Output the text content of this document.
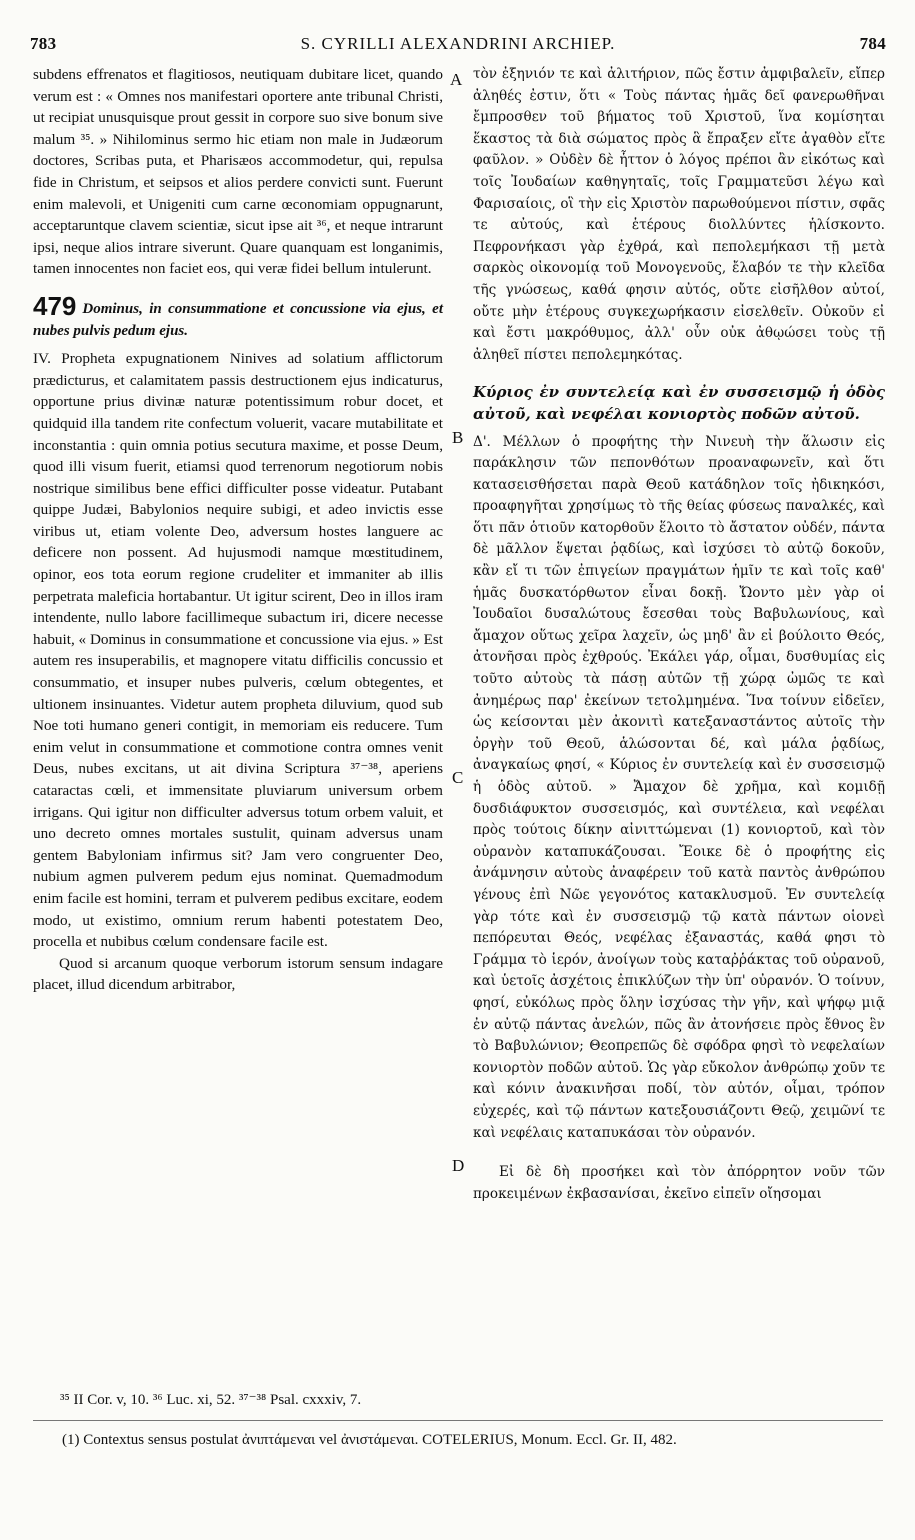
783	S. CYRILLI ALEXANDRINI ARCHIEP.	784

subdens effrenatos et flagitiosos, neutiquam dubitare licet, quando verum est : « Omnes nos manifestari oportere ante tribunal Christi, ut recipiat unusquisque prout gessit in corpore suo sive bonum sive malum ³⁵. » Nihilominus sermo hic etiam non male in Judæorum doctores, Scribas puta, et Pharisæos accommodetur, qui, repulsa fide in Christum, et seipsos et alios perdere convicti sunt. Fuerunt enim malevoli, et Unigeniti cum carne œconomiam oppugnarunt, acceptaruntque clavem scientiæ, sicut ipse ait ³⁶, et neque intrarunt ipsi, neque alios intrare siverunt. Quare quanquam est longanimis, tamen innocentes non faciet eos, qui veræ fidei bellum intulerunt.

479 Dominus, in consummatione et concussione via ejus, et nubes pulvis pedum ejus.

IV. Propheta expugnationem Ninives ad solatium afflictorum prædicturus, et calamitatem passis destructionem ejus indicaturus, opportune prius divinæ naturæ potentissimum robur docet, et quidquid illa tandem rite confectum voluerit, vacare mutabilitate et inconstantia : quin omnia potius secutura maxime, et posse Deum, quod illi visum fuerit, etiamsi quod terrenorum negotiorum nobis nostrique similibus bene effici difficulter posse videatur. Putabant quippe Judæi, Babylonios nequire subigi, et adeo invictis esse viribus ut, etiam volente Deo, adversum hostes languere ac deficere non possent. Ad hujusmodi namque mœstitudinem, opinor, eos tota eorum regione crudeliter et immaniter ab illis perpetrata maleficia hortabantur. Ut igitur scirent, Deo in illos iram intendente, nullo labore facillimeque subactum iri, dicere necesse habuit, « Dominus in consummatione et concussione via ejus. » Est autem res insuperabilis, et magnopere vitatu difficilis concussio et consummatio, et insuper nubes pulveris, cœlum obtegentes, et ultionem insinuantes. Videtur autem propheta diluvium, quod sub Noe toti humano generi contigit, in memoriam eis reducere. Tum enim velut in consummatione et commotione contra omnes venit Deus, nubes excitans, ut ait divina Scriptura ³⁷⁻³⁸, aperiens cataractas cœli, et immensitate pluviarum universum orbem irrigans. Qui igitur non difficulter adversus totum orbem valuit, et uno decreto omnes mortales sustulit, quinam adversus unam gentem Babyloniam infirmus sit? Jam vero congruenter Deo, nubium agmen pulverem pedum ejus nominat. Quemadmodum enim facile est homini, terram et pulverem pedibus excitare, eodem modo, ut existimo, omnium rerum habenti potestatem Deo, procella et nubibus cœlum condensare facile est.

Quod si arcanum quoque verborum istorum sensum indagare placet, illud dicendum arbitrabor,

τὸν ἐξηνιόν τε καὶ ἀλιτήριον, πῶς ἔστιν ἀμφιβαλεῖν, εἴπερ ἀληθές ἐστιν, ὅτι « Τοὺς πάντας ἡμᾶς δεῖ φανερωθῆναι ἔμπροσθεν τοῦ βήματος τοῦ Χριστοῦ, ἵνα κομίσηται ἕκαστος τὰ διὰ σώματος πρὸς ἃ ἔπραξεν εἴτε ἀγαθὸν εἴτε φαῦλον. » Οὐδὲν δὲ ἧττον ὁ λόγος πρέποι ἂν εἰκότως καὶ τοῖς Ἰουδαίων καθηγηταῖς, τοῖς Γραμματεῦσι λέγω καὶ Φαρισαίοις, οἳ τὴν εἰς Χριστὸν παρωθούμενοι πίστιν, σφᾶς τε αὐτούς, καὶ ἑτέρους διολλύντες ἡλίσκοντο. Πεφρονήκασι γὰρ ἐχθρά, καὶ πεπολεμήκασι τῇ μετὰ σαρκὸς οἰκονομίᾳ τοῦ Μονογενοῦς, ἔλαβόν τε τὴν κλεῖδα τῆς γνώσεως, καθά φησιν αὐτός, οὔτε εἰσῆλθον αὐτοί, οὔτε μὴν ἑτέρους συγκεχωρήκασιν εἰσελθεῖν. Οὐκοῦν εἰ καὶ ἔστι μακρόθυμος, ἀλλ' οὖν οὐκ ἀθῳώσει τοὺς τῇ ἀληθεῖ πίστει πεπολεμηκότας.

Κύριος ἐν συντελείᾳ καὶ ἐν συσσεισμῷ ἡ ὁδὸς αὐτοῦ, καὶ νεφέλαι κονιορτὸς ποδῶν αὐτοῦ.

Δ'. Μέλλων ὁ προφήτης τὴν Νινευὴ τὴν ἅλωσιν εἰς παράκλησιν τῶν πεπονθότων προαναφωνεῖν, καὶ ὅτι κατασεισθήσεται παρὰ Θεοῦ κατάδηλον τοῖς ἠδικηκόσι, προαφηγῆται χρησίμως τὸ τῆς θείας φύσεως παναλκές, καὶ ὅτι πᾶν ὁτιοῦν κατορθοῦν ἕλοιτο τὸ ἄστατον οὐδέν, πάντα δὲ μᾶλλον ἕψεται ῥᾳδίως, καὶ ἰσχύσει τὸ αὐτῷ δοκοῦν, κἂν εἴ τι τῶν ἐπιγείων πραγμάτων ἡμῖν τε καὶ τοῖς καθ' ἡμᾶς δυσκατόρθωτον εἶναι δοκῇ. Ὤοντο μὲν γὰρ οἱ Ἰουδαῖοι δυσαλώτους ἔσεσθαι τοὺς Βαβυλωνίους, καὶ ἄμαχον οὕτως χεῖρα λαχεῖν, ὡς μηδ' ἂν εἰ βούλοιτο Θεός, ἀτονῆσαι πρὸς ἐχθρούς. Ἐκάλει γάρ, οἶμαι, δυσθυμίας εἰς τοῦτο αὐτοὺς τὰ πάσῃ αὐτῶν τῇ χώρᾳ ὠμῶς τε καὶ ἀνημέρως παρ' ἐκείνων τετολμημένα. Ἵνα τοίνυν εἰδεῖεν, ὡς κείσονται μὲν ἀκονιτὶ κατεξαναστάντος αὐτοῖς τὴν ὀργὴν τοῦ Θεοῦ, ἁλώσονται δέ, καὶ μάλα ῥᾳδίως, ἀναγκαίως φησί, « Κύριος ἐν συντελείᾳ καὶ ἐν συσσεισμῷ ἡ ὁδὸς αὐτοῦ. » Ἄμαχον δὲ χρῆμα, καὶ κομιδῇ δυσδιάφυκτον συσσεισμός, καὶ συντέλεια, καὶ νεφέλαι πρὸς τούτοις δίκην αἰνιττώμεναι (1) κονιορτοῦ, καὶ τὸν οὐρανὸν καταπυκάζουσαι. Ἔοικε δὲ ὁ προφήτης εἰς ἀνάμνησιν αὐτοὺς ἀναφέρειν τοῦ κατὰ παντὸς ἀνθρώπου γένους ἐπὶ Νῶε γεγονότος κατακλυσμοῦ. Ἐν συντελείᾳ γὰρ τότε καὶ ἐν συσσεισμῷ τῷ κατὰ πάντων οἱονεὶ πεπόρευται Θεός, νεφέλας ἐξαναστάς, καθά φησι τὸ Γράμμα τὸ ἱερόν, ἀνοίγων τοὺς καταῤῥάκτας τοῦ οὐρανοῦ, καὶ ὑετοῖς ἀσχέτοις ἐπικλύζων τὴν ὑπ' οὐρανόν. Ὁ τοίνυν, φησί, εὐκόλως πρὸς ὅλην ἰσχύσας τὴν γῆν, καὶ ψήφῳ μιᾷ ἐν αὐτῷ πάντας ἀνελών, πῶς ἂν ἀτονήσειε πρὸς ἔθνος ἓν τὸ Βαβυλώνιον; Θεοπρεπῶς δὲ σφόδρα φησὶ τὸ νεφελαίων κονιορτὸν ποδῶν αὐτοῦ. Ὡς γὰρ εὔκολον ἀνθρώπῳ χοῦν τε καὶ κόνιν ἀνακινῆσαι ποδί, τὸν αὐτόν, οἶμαι, τρόπον εὐχερές, καὶ τῷ πάντων κατεξουσιάζοντι Θεῷ, χειμῶνί τε καὶ νεφέλαις καταπυκάσαι τὸν οὐρανόν.

Εἰ δὲ δὴ προσήκει καὶ τὸν ἀπόρρητον νοῦν τῶν προκειμένων ἐκβασανίσαι, ἐκεῖνο εἰπεῖν οἴησομαι

A
B
C
D
³⁵ II Cor. v, 10. ³⁶ Luc. xi, 52. ³⁷⁻³⁸ Psal. cxxxiv, 7.
(1) Contextus sensus postulat ἀνιπτάμεναι vel ἀνιστάμεναι. COTELERIUS, Monum. Eccl. Gr. II, 482.
